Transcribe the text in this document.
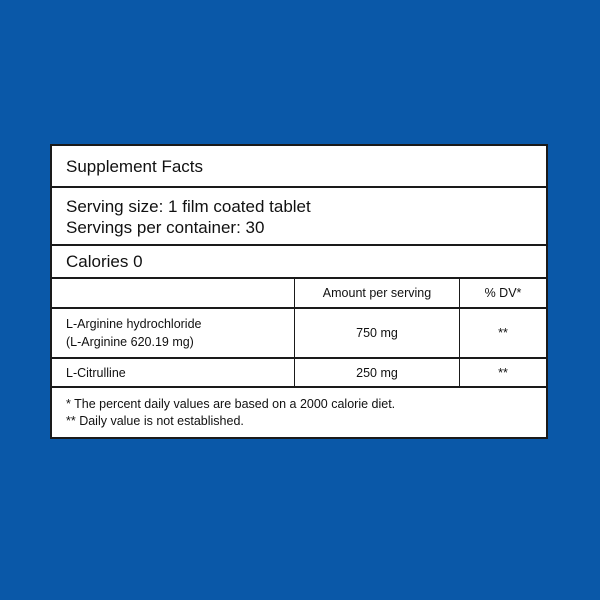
Supplement Facts
Serving size: 1 film coated tablet
Servings per container: 30
Calories 0
	Amount per serving	% DV*

L-Arginine hydrochloride
(L-Arginine 620.19 mg)	750 mg	**
L-Citrulline	250 mg	**
* The percent daily values are based on a 2000 calorie diet.
** Daily value is not established.
